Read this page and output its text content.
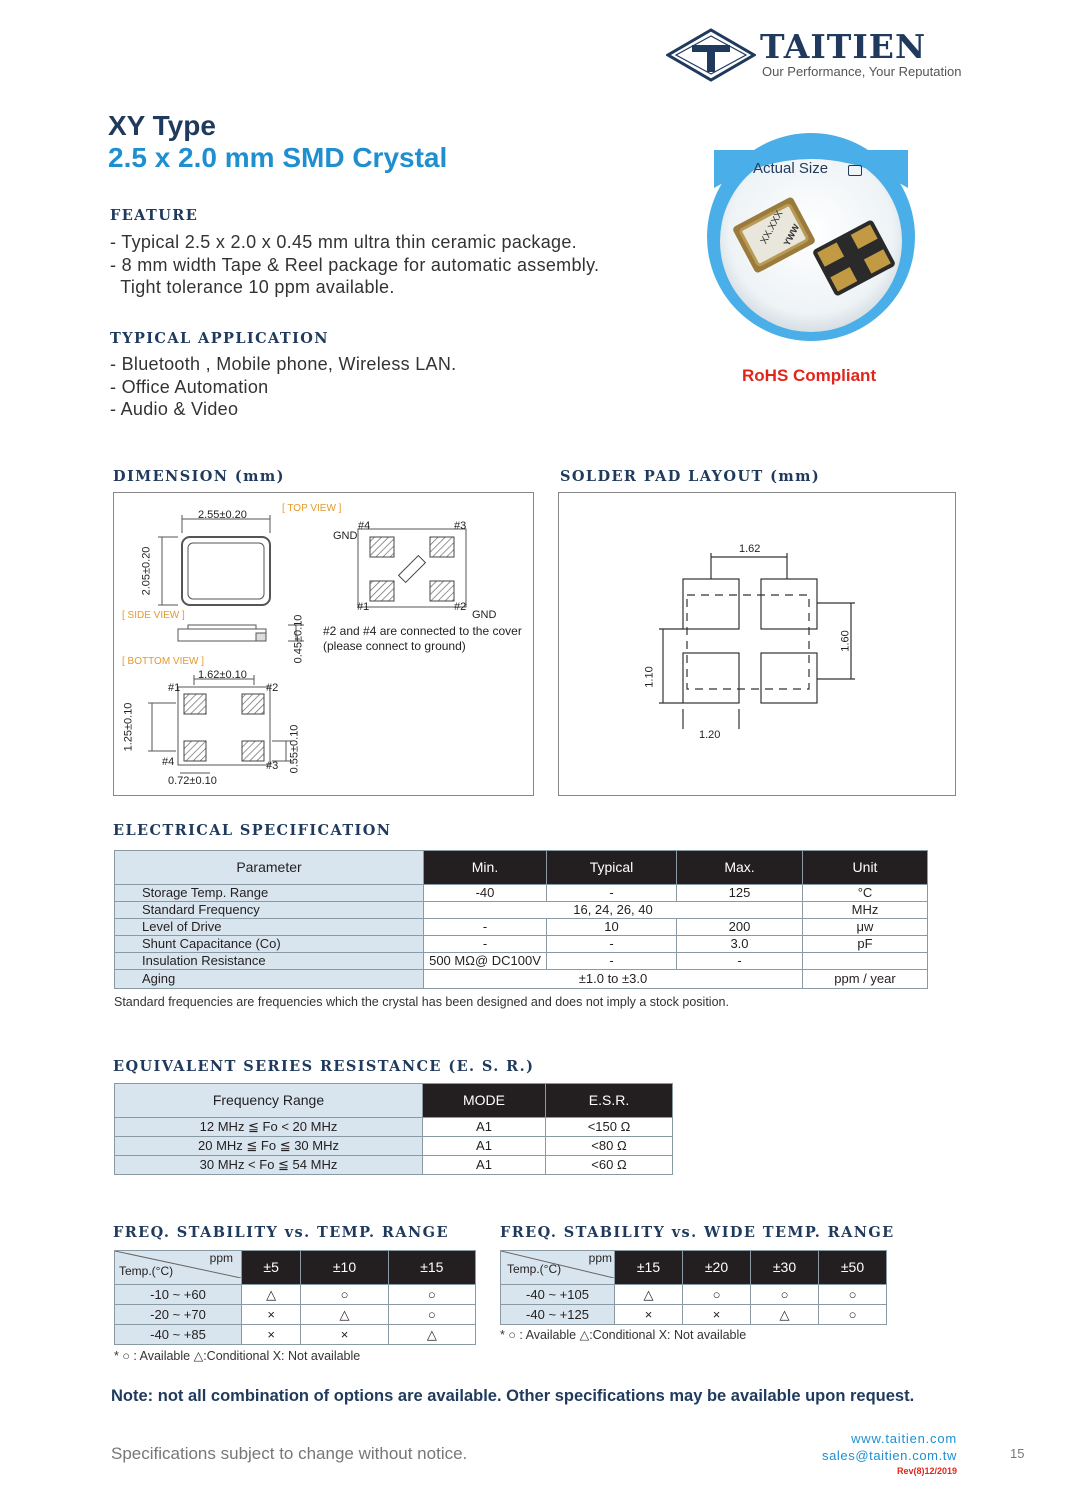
TAITIEN
Our Performance, Your Reputation
XY Type
2.5 x 2.0 mm SMD Crystal
FEATURE
- Typical 2.5 x 2.0 x 0.45 mm ultra thin ceramic package.
- 8 mm width Tape & Reel package for automatic assembly.
Tight tolerance 10 ppm available.
TYPICAL APPLICATION
- Bluetooth , Mobile phone, Wireless LAN.
- Office Automation
- Audio & Video
Actual Size
XX.XXX
YWW
RoHS Compliant
DIMENSION (mm)
[ TOP VIEW ]
[ SIDE VIEW ]
[ BOTTOM VIEW ]
2.55±0.20
2.05±0.20
0.45±0.10
1.62±0.10
1.25±0.10	0.55±0.10
0.72±0.10
#1	#2
#4	#3
#4	#3
#1	#2
GND
GND
#2 and #4 are connected to the cover
(please connect to ground)
SOLDER PAD LAYOUT (mm)
1.62
1.60
1.10
1.20
ELECTRICAL SPECIFICATION
Parameter	Min.	Typical	Max.	Unit
Storage Temp. Range	-40	-	125	°C
Standard Frequency	16, 24, 26, 40			MHz
Level of Drive	-	10	200	μw
Shunt Capacitance (Co)	-	-	3.0	pF
Insulation Resistance	500 MΩ@ DC100V	-	-	
Aging	±1.0 to ±3.0			ppm / year
Standard frequencies are frequencies which the crystal has been designed and does not imply a stock position.
EQUIVALENT SERIES RESISTANCE (E. S. R.)
Frequency Range	MODE	E.S.R.
12 MHz ≦ Fo < 20 MHz	A1	<150 Ω
20 MHz ≦ Fo ≦ 30 MHz	A1	<80 Ω
30 MHz < Fo ≦ 54 MHz	A1	<60 Ω
FREQ. STABILITY vs. TEMP. RANGE
ppm
Temp.(°C)	±5	±10	±15
-10 ~ +60	△	○	○
-20 ~ +70	×	△	○
-40 ~ +85	×	×	△
* ○ : Available △:Conditional X: Not available
FREQ. STABILITY vs. WIDE TEMP. RANGE
ppm
Temp.(°C)	±15	±20	±30	±50
-40 ~ +105	△	○	○	○
-40 ~ +125	×	×	△	○
* ○ : Available △:Conditional X: Not available
Note: not all combination of options are available. Other specifications may be available upon request.
Specifications subject to change without notice.
www.taitien.com
sales@taitien.com.tw
Rev(8)12/2019
15
